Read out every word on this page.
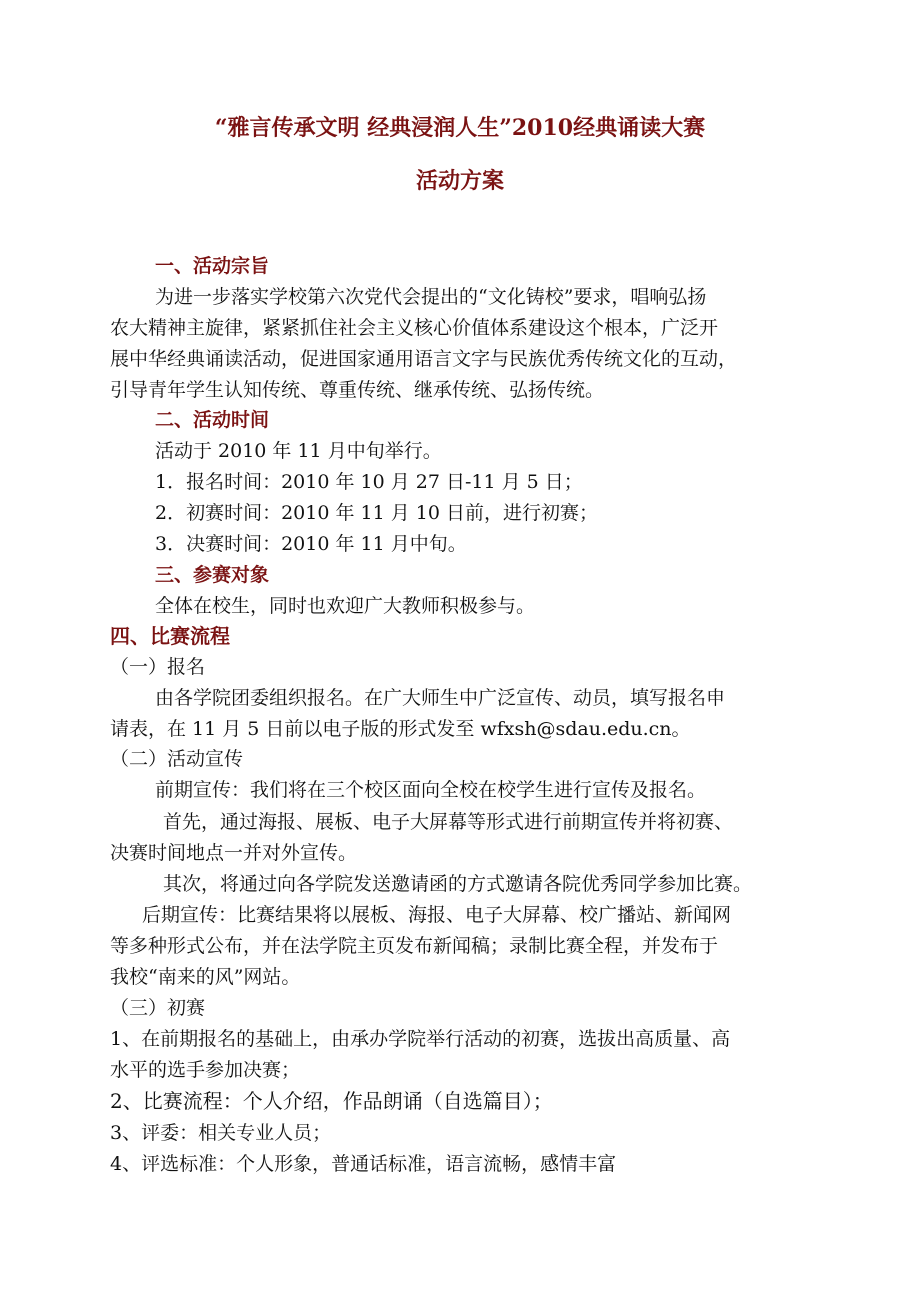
“雅言传承文明 经典浸润人生”2010经典诵读大赛
活动方案
一、活动宗旨
为进一步落实学校第六次党代会提出的“文化铸校”要求，唱响弘扬
农大精神主旋律，紧紧抓住社会主义核心价值体系建设这个根本，广泛开
展中华经典诵读活动，促进国家通用语言文字与民族优秀传统文化的互动，
引导青年学生认知传统、尊重传统、继承传统、弘扬传统。
二、活动时间
活动于 2010 年 11 月中旬举行。
1．报名时间：2010 年 10 月 27 日-11 月 5 日；
2．初赛时间：2010 年 11 月 10 日前，进行初赛；
3．决赛时间：2010 年 11 月中旬。
三、参赛对象
全体在校生，同时也欢迎广大教师积极参与。
四、比赛流程
（一）报名
由各学院团委组织报名。在广大师生中广泛宣传、动员，填写报名申
请表，在 11 月 5 日前以电子版的形式发至 wfxsh@sdau.edu.cn。
（二）活动宣传
前期宣传：我们将在三个校区面向全校在校学生进行宣传及报名。
首先，通过海报、展板、电子大屏幕等形式进行前期宣传并将初赛、
决赛时间地点一并对外宣传。
其次，将通过向各学院发送邀请函的方式邀请各院优秀同学参加比赛。
后期宣传：比赛结果将以展板、海报、电子大屏幕、校广播站、新闻网
等多种形式公布，并在法学院主页发布新闻稿；录制比赛全程，并发布于
我校“南来的风”网站。
（三）初赛
1、在前期报名的基础上，由承办学院举行活动的初赛，选拔出高质量、高
水平的选手参加决赛；
2、比赛流程：个人介绍，作品朗诵（自选篇目）；
3、评委：相关专业人员；
4、评选标准：个人形象，普通话标准，语言流畅，感情丰富
